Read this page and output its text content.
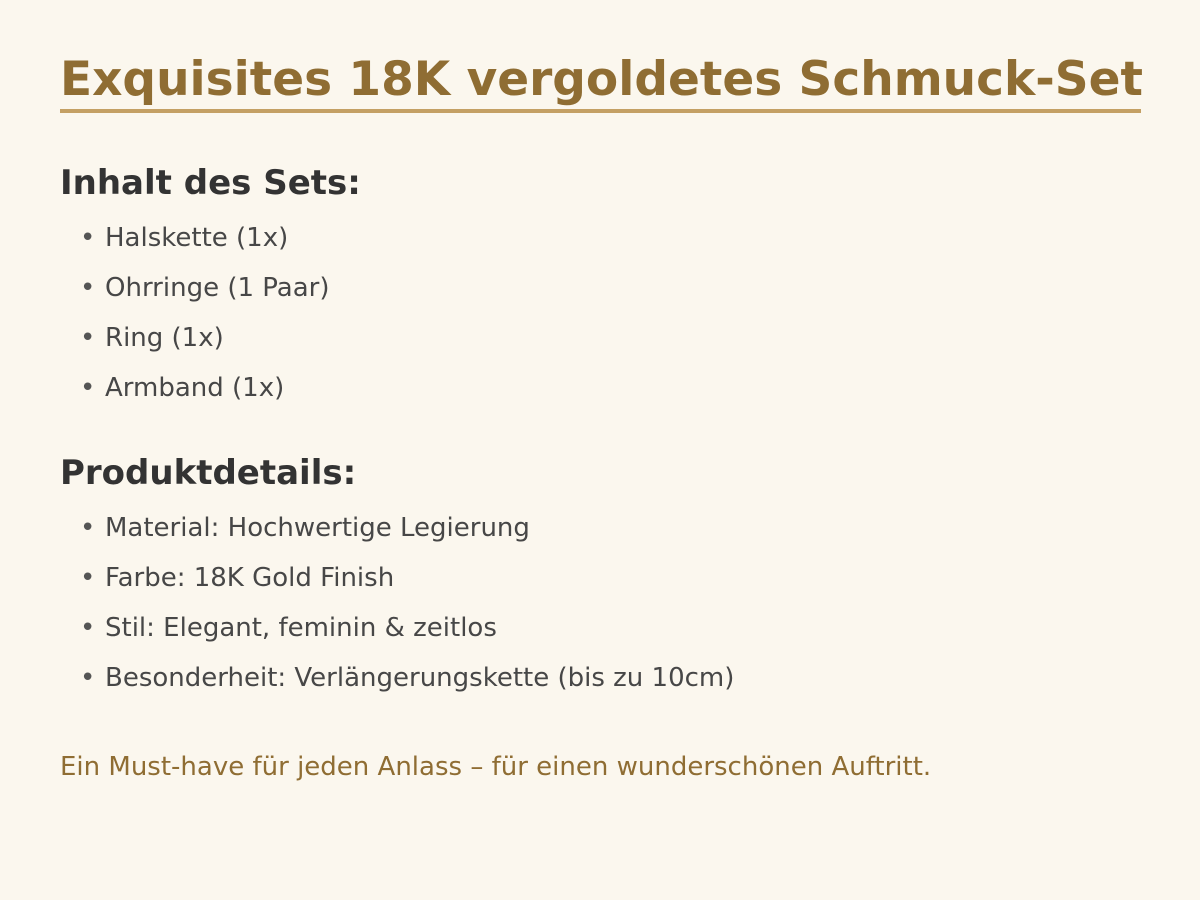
Exquisites 18K vergoldetes Schmuck-Set
Inhalt des Sets:
• Halskette (1x)
• Ohrringe (1 Paar)
• Ring (1x)
• Armband (1x)
Produktdetails:
• Material: Hochwertige Legierung
• Farbe: 18K Gold Finish
• Stil: Elegant, feminin & zeitlos
• Besonderheit: Verlängerungskette (bis zu 10cm)
Ein Must-have für jeden Anlass – für einen wunderschönen Auftritt.
